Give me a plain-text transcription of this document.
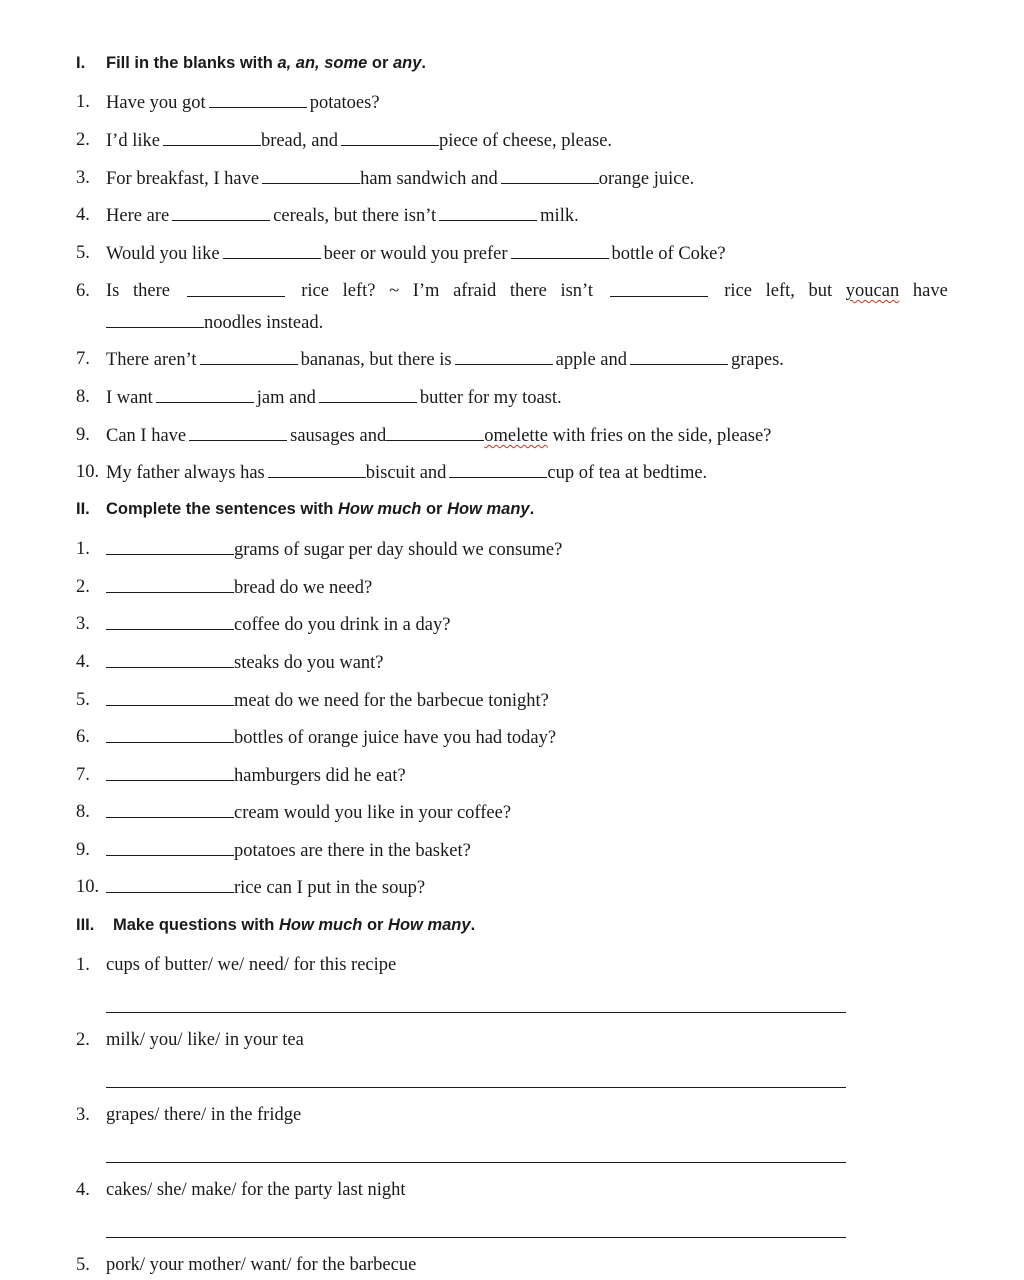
I. Fill in the blanks with a, an, some or any.
1. Have you got	potatoes?
2. I’d like	bread, and	piece of cheese, please.
3. For breakfast, I have	ham sandwich and	orange juice.
4. Here are	cereals, but there isn’t	milk.
5. Would you like	beer or would you prefer	bottle of Coke?
6. Is there	rice left? ~ I’m afraid there isn’t	rice left, but youcan have
noodles instead.
7. There aren’t	bananas, but there is	apple and	grapes.
8. I want	jam and	butter for my toast.
9. Can I have	sausages and	omelette with fries on the side, please?
10. My father always has	biscuit and	cup of tea at bedtime.
II. Complete the sentences with How much or How many.
1.	grams of sugar per day should we consume?
2.	bread do we need?
3.	coffee do you drink in a day?
4.	steaks do you want?
5.	meat do we need for the barbecue tonight?
6.	bottles of orange juice have you had today?
7.	hamburgers did he eat?
8.	cream would you like in your coffee?
9.	potatoes are there in the basket?
10.	rice can I put in the soup?
III. Make questions with How much or How many.
1. cups of butter/ we/ need/ for this recipe
2. milk/ you/ like/ in your tea
3. grapes/ there/ in the fridge
4. cakes/ she/ make/ for the party last night
5. pork/ your mother/ want/ for the barbecue
